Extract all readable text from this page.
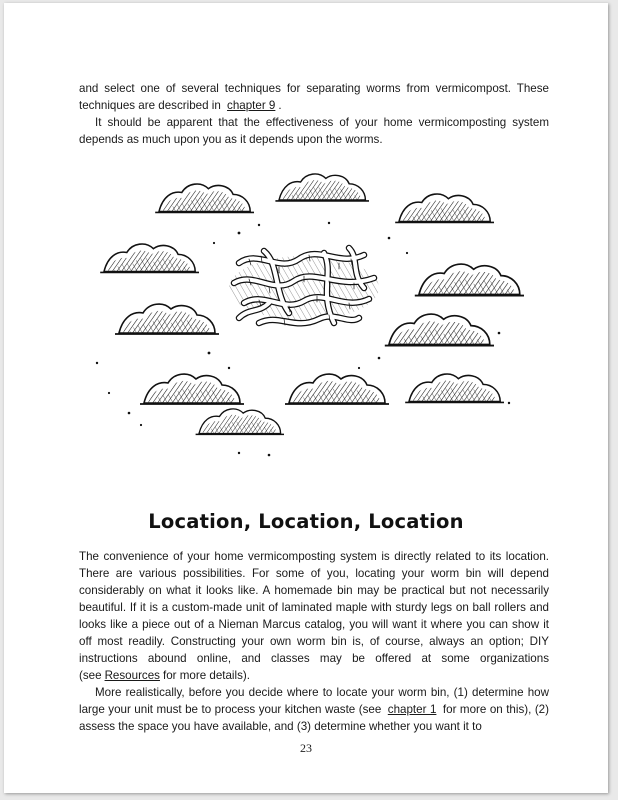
and select one of several techniques for separating worms from vermicompost. These techniques are described in chapter 9 .

It should be apparent that the effectiveness of your home vermicomposting system depends as much upon you as it depends upon the worms.

Location, Location, Location

The convenience of your home vermicomposting system is directly related to its location. There are various possibilities. For some of you, locating your worm bin will depend considerably on what it looks like. A homemade bin may be practical but not necessarily beautiful. If it is a custom-made unit of laminated maple with sturdy legs on ball rollers and looks like a piece out of a Nieman Marcus catalog, you will want it where you can show it off most readily. Constructing your own worm bin is, of course, always an option; DIY instructions abound online, and classes may be offered at some organizations (see Resources for more details).

More realistically, before you decide where to locate your worm bin, (1) determine how large your unit must be to process your kitchen waste (see chapter 1 for more on this), (2) assess the space you have available, and (3) determine whether you want it to

23
